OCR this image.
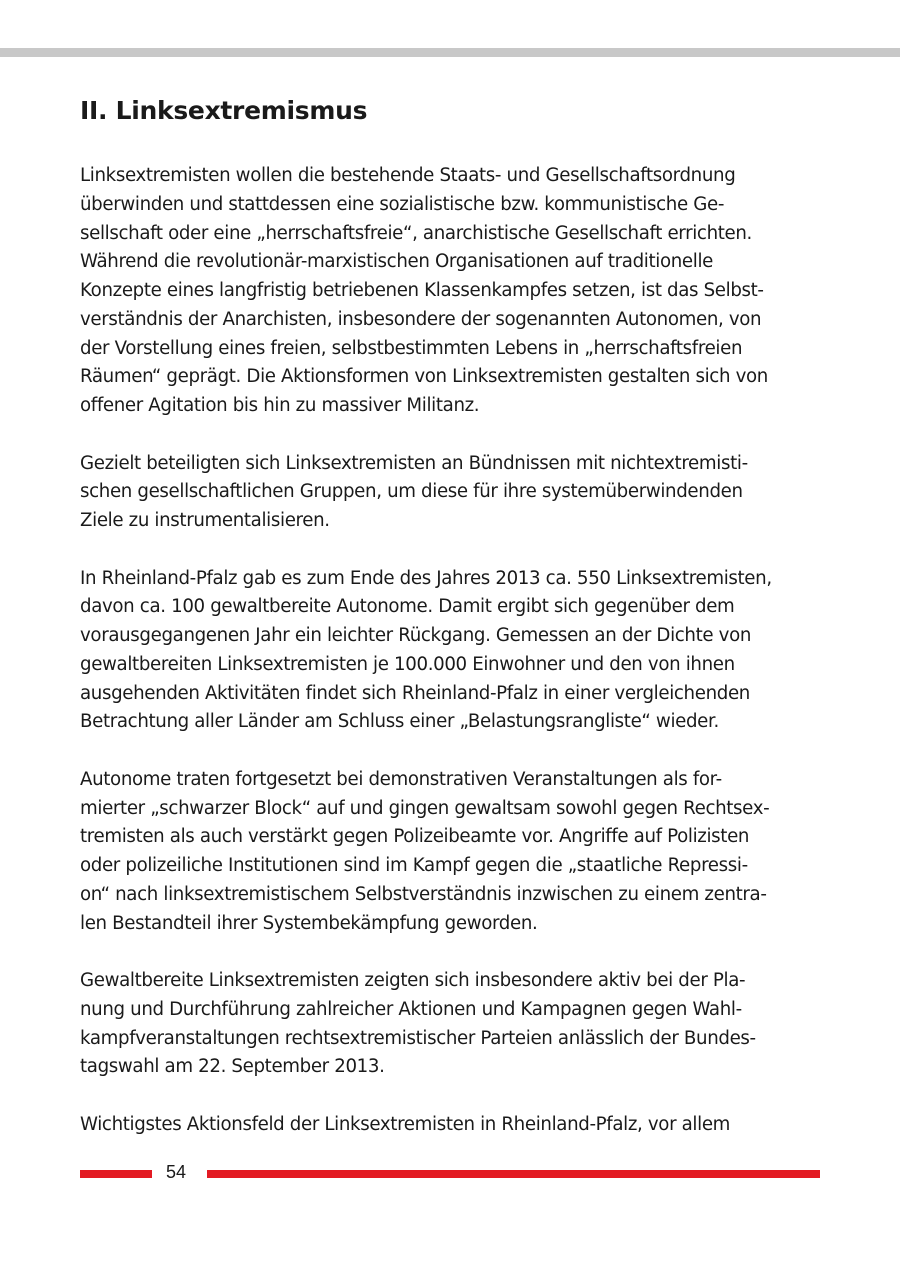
II. Linksextremismus

Linksextremisten wollen die bestehende Staats- und Gesellschaftsordnung
überwinden und stattdessen eine sozialistische bzw. kommunistische Ge-
sellschaft oder eine „herrschaftsfreie“, anarchistische Gesellschaft errichten.
Während die revolutionär-marxistischen Organisationen auf traditionelle
Konzepte eines langfristig betriebenen Klassenkampfes setzen, ist das Selbst-
verständnis der Anarchisten, insbesondere der sogenannten Autonomen, von
der Vorstellung eines freien, selbstbestimmten Lebens in „herrschaftsfreien
Räumen“ geprägt. Die Aktionsformen von Linksextremisten gestalten sich von
offener Agitation bis hin zu massiver Militanz.

Gezielt beteiligten sich Linksextremisten an Bündnissen mit nichtextremisti-
schen gesellschaftlichen Gruppen, um diese für ihre systemüberwindenden
Ziele zu instrumentalisieren.

In Rheinland-Pfalz gab es zum Ende des Jahres 2013 ca. 550 Linksextremisten,
davon ca. 100 gewaltbereite Autonome. Damit ergibt sich gegenüber dem
vorausgegangenen Jahr ein leichter Rückgang. Gemessen an der Dichte von
gewaltbereiten Linksextremisten je 100.000 Einwohner und den von ihnen
ausgehenden Aktivitäten findet sich Rheinland-Pfalz in einer vergleichenden
Betrachtung aller Länder am Schluss einer „Belastungsrangliste“ wieder.

Autonome traten fortgesetzt bei demonstrativen Veranstaltungen als for-
mierter „schwarzer Block“ auf und gingen gewaltsam sowohl gegen Rechtsex-
tremisten als auch verstärkt gegen Polizeibeamte vor. Angriffe auf Polizisten
oder polizeiliche Institutionen sind im Kampf gegen die „staatliche Repressi-
on“ nach linksextremistischem Selbstverständnis inzwischen zu einem zentra-
len Bestandteil ihrer Systembekämpfung geworden.

Gewaltbereite Linksextremisten zeigten sich insbesondere aktiv bei der Pla-
nung und Durchführung zahlreicher Aktionen und Kampagnen gegen Wahl-
kampfveranstaltungen rechtsextremistischer Parteien anlässlich der Bundes-
tagswahl am 22. September 2013.

Wichtigstes Aktionsfeld der Linksextremisten in Rheinland-Pfalz, vor allem

54
